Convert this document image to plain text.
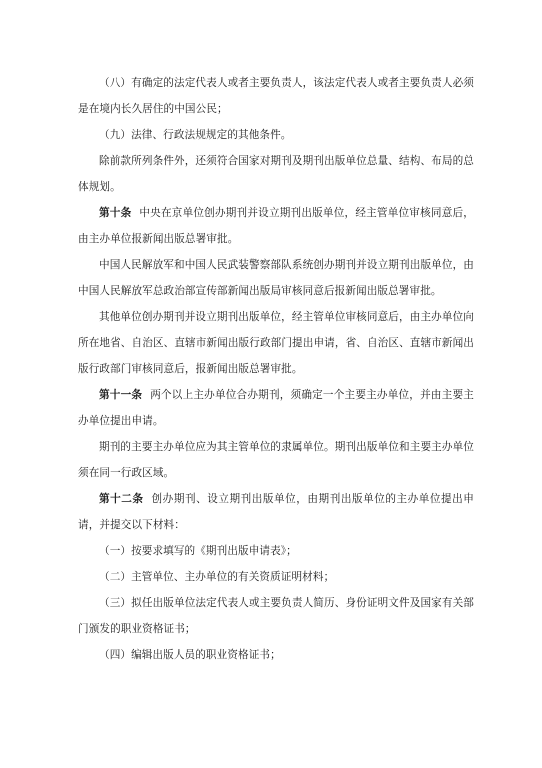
（八）有确定的法定代表人或者主要负责人，该法定代表人或者主要负责人必须是在境内长久居住的中国公民；

（九）法律、行政法规规定的其他条件。

除前款所列条件外，还须符合国家对期刊及期刊出版单位总量、结构、布局的总体规划。

第十条 中央在京单位创办期刊并设立期刊出版单位，经主管单位审核同意后，由主办单位报新闻出版总署审批。

中国人民解放军和中国人民武装警察部队系统创办期刊并设立期刊出版单位，由中国人民解放军总政治部宣传部新闻出版局审核同意后报新闻出版总署审批。

其他单位创办期刊并设立期刊出版单位，经主管单位审核同意后，由主办单位向所在地省、自治区、直辖市新闻出版行政部门提出申请，省、自治区、直辖市新闻出版行政部门审核同意后，报新闻出版总署审批。

第十一条 两个以上主办单位合办期刊，须确定一个主要主办单位，并由主要主办单位提出申请。

期刊的主要主办单位应为其主管单位的隶属单位。期刊出版单位和主要主办单位须在同一行政区域。

第十二条 创办期刊、设立期刊出版单位，由期刊出版单位的主办单位提出申请，并提交以下材料：

（一）按要求填写的《期刊出版申请表》；

（二）主管单位、主办单位的有关资质证明材料；

（三）拟任出版单位法定代表人或主要负责人简历、身份证明文件及国家有关部门颁发的职业资格证书；

（四）编辑出版人员的职业资格证书；
